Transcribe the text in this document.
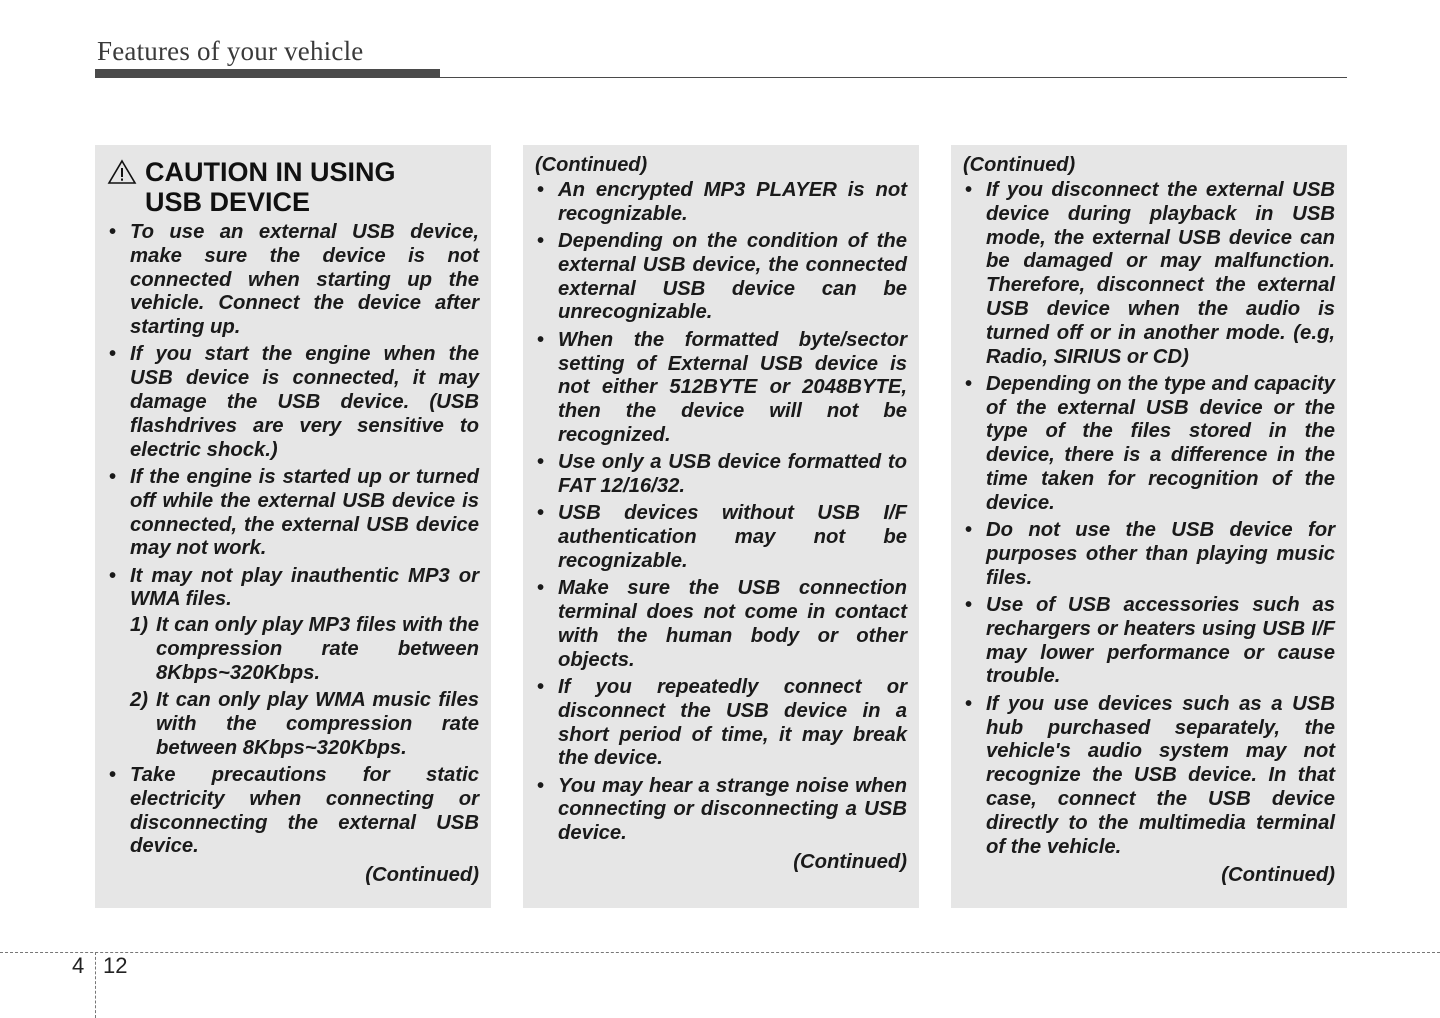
Features of your vehicle
CAUTION IN USING
USB DEVICE
• To use an external USB device, make sure the device is not connected when starting up the vehicle. Connect the device after starting up.
• If you start the engine when the USB device is connected, it may damage the USB device. (USB flashdrives are very sensitive to electric shock.)
• If the engine is started up or turned off while the external USB device is connected, the external USB device may not work.
• It may not play inauthentic MP3 or WMA files.
1) It can only play MP3 files with the compression rate between 8Kbps~320Kbps.
2) It can only play WMA music files with the compression rate between 8Kbps~320Kbps.
• Take precautions for static electricity when connecting or disconnecting the external USB device.
(Continued)
(Continued)
• An encrypted MP3 PLAYER is not recognizable.
• Depending on the condition of the external USB device, the connected external USB device can be unrecognizable.
• When the formatted byte/sector setting of External USB device is not either 512BYTE or 2048BYTE, then the device will not be recognized.
• Use only a USB device formatted to FAT 12/16/32.
• USB devices without USB I/F authentication may not be recognizable.
• Make sure the USB connection terminal does not come in contact with the human body or other objects.
• If you repeatedly connect or disconnect the USB device in a short period of time, it may break the device.
• You may hear a strange noise when connecting or disconnecting a USB device.
(Continued)
(Continued)
• If you disconnect the external USB device during playback in USB mode, the external USB device can be damaged or may malfunction. Therefore, disconnect the external USB device when the audio is turned off or in another mode. (e.g, Radio, SIRIUS or CD)
• Depending on the type and capacity of the external USB device or the type of the files stored in the device, there is a difference in the time taken for recognition of the device.
• Do not use the USB device for purposes other than playing music files.
• Use of USB accessories such as rechargers or heaters using USB I/F may lower performance or cause trouble.
• If you use devices such as a USB hub purchased separately, the vehicle's audio system may not recognize the USB device. In that case, connect the USB device directly to the multimedia terminal of the vehicle.
(Continued)
4 12
